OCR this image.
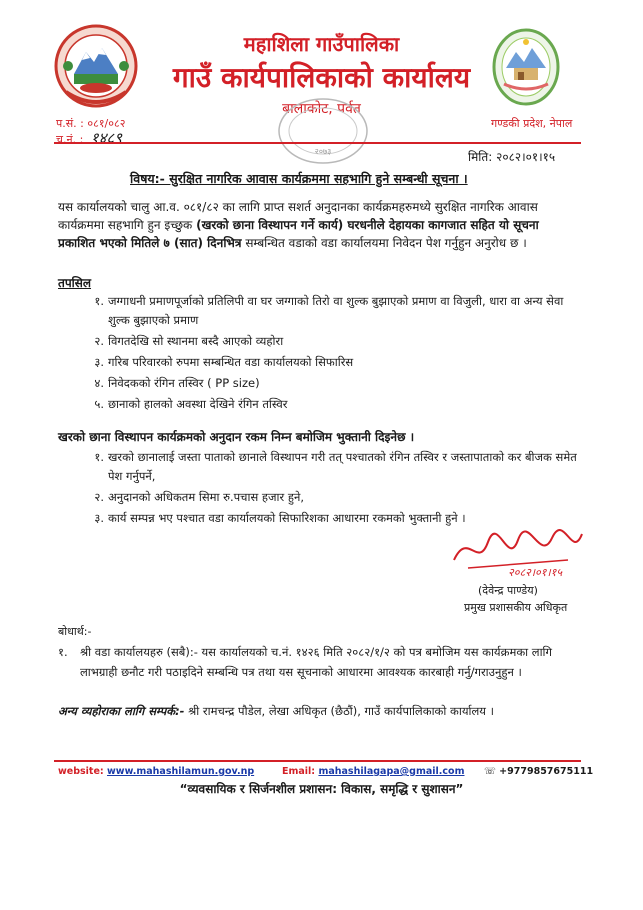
महाशिला गाउँपालिका
गाउँ कार्यपालिकाको कार्यालय
बालाकोट, पर्वत
२०७३
प.सं. : ०८१/०८२
च.नं. : १४८९
गण्डकी प्रदेश, नेपाल
मिति: २०८२।०१।१५
विषय:- सुरक्षित नागरिक आवास कार्यक्रममा सहभागि हुने सम्बन्धी सूचना ।
यस कार्यालयको चालु आ.व. ०८१/८२ का लागि प्राप्त सशर्त अनुदानका कार्यक्रमहरुमध्ये सुरक्षित नागरिक आवास कार्यक्रममा सहभागि हुन इच्छुक (खरको छाना विस्थापन गर्ने कार्य) घरधनीले देहायका कागजात सहित यो सूचना प्रकाशित भएको मितिले ७ (सात) दिनभित्र सम्बन्धित वडाको वडा कार्यालयमा निवेदन पेश गर्नुहुन अनुरोध छ ।
तपसिल
१. जग्गाधनी प्रमाणपूर्जाको प्रतिलिपी वा घर जग्गाको तिरो वा शुल्क बुझाएको प्रमाण वा विजुली, धारा वा अन्य सेवा शुल्क बुझाएको प्रमाण
२. विगतदेखि सो स्थानमा बस्दै आएको व्यहोरा
३. गरिब परिवारको रुपमा सम्बन्धित वडा कार्यालयको सिफारिस
४. निवेदकको रंगिन तस्विर ( PP size)
५. छानाको हालको अवस्था देखिने रंगिन तस्विर
खरको छाना विस्थापन कार्यक्रमको अनुदान रकम निम्न बमोजिम भुक्तानी दिइनेछ ।
१. खरको छानालाई जस्ता पाताको छानाले विस्थापन गरी तत् पश्चातको रंगिन तस्विर र जस्तापाताको कर बीजक समेत पेश गर्नुपर्ने,
२. अनुदानको अधिकतम सिमा रु.पचास हजार हुने,
३. कार्य सम्पन्न भए पश्चात वडा कार्यालयको सिफारिशका आधारमा रकमको भुक्तानी हुने ।
२०८२।०१।१५
(देवेन्द्र पाण्डेय)
प्रमुख प्रशासकीय अधिकृत
बोधार्थ:-
१.	श्री वडा कार्यालयहरु (सबै):- यस कार्यालयको च.नं. १४२६ मिति २०८२/१/२ को पत्र बमोजिम यस कार्यक्रमका लागि लाभग्राही छनौट गरी पठाइदिने सम्बन्धि पत्र तथा यस सूचनाको आधारमा आवश्यक कारबाही गर्नु/गराउनुहुन ।
अन्य व्यहोराका लागि सम्पर्क:- श्री रामचन्द्र पौडेल, लेखा अधिकृत (छैठौं), गाउँ कार्यपालिकाको कार्यालय ।
website: www.mahashilamun.gov.np	Email: mahashilagapa@gmail.com ☏ +9779857675111
“व्यवसायिक र सिर्जनशील प्रशासन: विकास, समृद्धि र सुशासन”
